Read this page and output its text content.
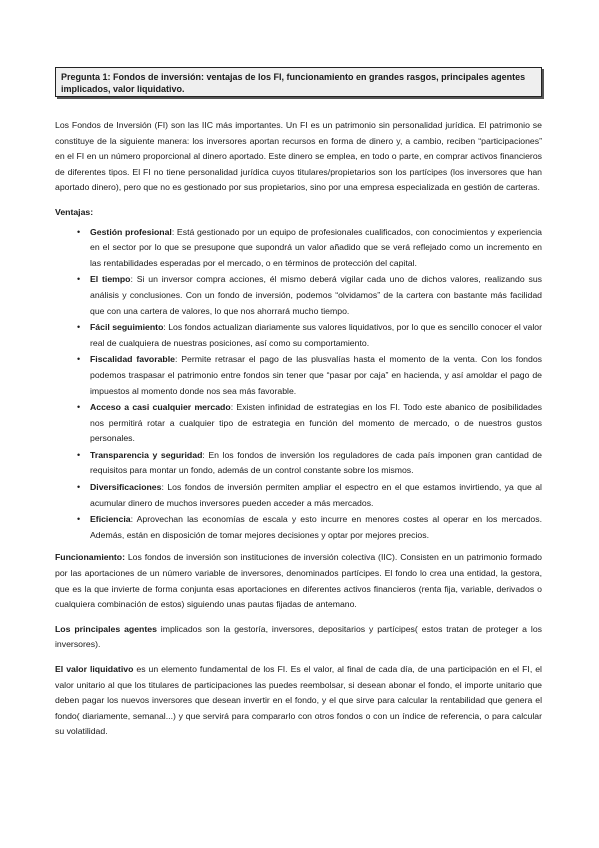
Pregunta 1: Fondos de inversión: ventajas de los FI, funcionamiento en grandes rasgos, principales agentes implicados, valor liquidativo.

Los Fondos de Inversión (FI) son las IIC más importantes. Un FI es un patrimonio sin personalidad jurídica. El patrimonio se constituye de la siguiente manera: los inversores aportan recursos en forma de dinero y, a cambio, reciben “participaciones” en el FI en un número proporcional al dinero aportado. Este dinero se emplea, en todo o parte, en comprar activos financieros de diferentes tipos. El FI no tiene personalidad jurídica cuyos titulares/propietarios son los partícipes (los inversores que han aportado dinero), pero que no es gestionado por sus propietarios, sino por una empresa especializada en gestión de carteras.

Ventajas:

• Gestión profesional: Está gestionado por un equipo de profesionales cualificados, con conocimientos y experiencia en el sector por lo que se presupone que supondrá un valor añadido que se verá reflejado como un incremento en las rentabilidades esperadas por el mercado, o en términos de protección del capital.
• El tiempo: Si un inversor compra acciones, él mismo deberá vigilar cada uno de dichos valores, realizando sus análisis y conclusiones. Con un fondo de inversión, podemos “olvidamos” de la cartera con bastante más facilidad que con una cartera de valores, lo que nos ahorrará mucho tiempo.
• Fácil seguimiento: Los fondos actualizan diariamente sus valores liquidativos, por lo que es sencillo conocer el valor real de cualquiera de nuestras posiciones, así como su comportamiento.
• Fiscalidad favorable: Permite retrasar el pago de las plusvalías hasta el momento de la venta. Con los fondos podemos traspasar el patrimonio entre fondos sin tener que “pasar por caja” en hacienda, y así amoldar el pago de impuestos al momento donde nos sea más favorable.
• Acceso a casi cualquier mercado: Existen infinidad de estrategias en los FI. Todo este abanico de posibilidades nos permitirá rotar a cualquier tipo de estrategia en función del momento de mercado, o de nuestros gustos personales.
• Transparencia y seguridad: En los fondos de inversión los reguladores de cada país imponen gran cantidad de requisitos para montar un fondo, además de un control constante sobre los mismos.
• Diversificaciones: Los fondos de inversión permiten ampliar el espectro en el que estamos invirtiendo, ya que al acumular dinero de muchos inversores pueden acceder a más mercados.
• Eficiencia: Aprovechan las economías de escala y esto incurre en menores costes al operar en los mercados. Además, están en disposición de tomar mejores decisiones y optar por mejores precios.

Funcionamiento: Los fondos de inversión son instituciones de inversión colectiva (IIC). Consisten en un patrimonio formado por las aportaciones de un número variable de inversores, denominados partícipes. El fondo lo crea una entidad, la gestora, que es la que invierte de forma conjunta esas aportaciones en diferentes activos financieros (renta fija, variable, derivados o cualquiera combinación de estos) siguiendo unas pautas fijadas de antemano.

Los principales agentes implicados son la gestoría, inversores, depositarios y partícipes( estos tratan de proteger a los inversores).

El valor liquidativo es un elemento fundamental de los FI. Es el valor, al final de cada día, de una participación en el FI, el valor unitario al que los titulares de participaciones las puedes reembolsar, si desean abonar el fondo, el importe unitario que deben pagar los nuevos inversores que desean invertir en el fondo, y el que sirve para calcular la rentabilidad que genera el fondo( diariamente, semanal...) y que servirá para compararlo con otros fondos o con un índice de referencia, o para calcular su volatilidad.
